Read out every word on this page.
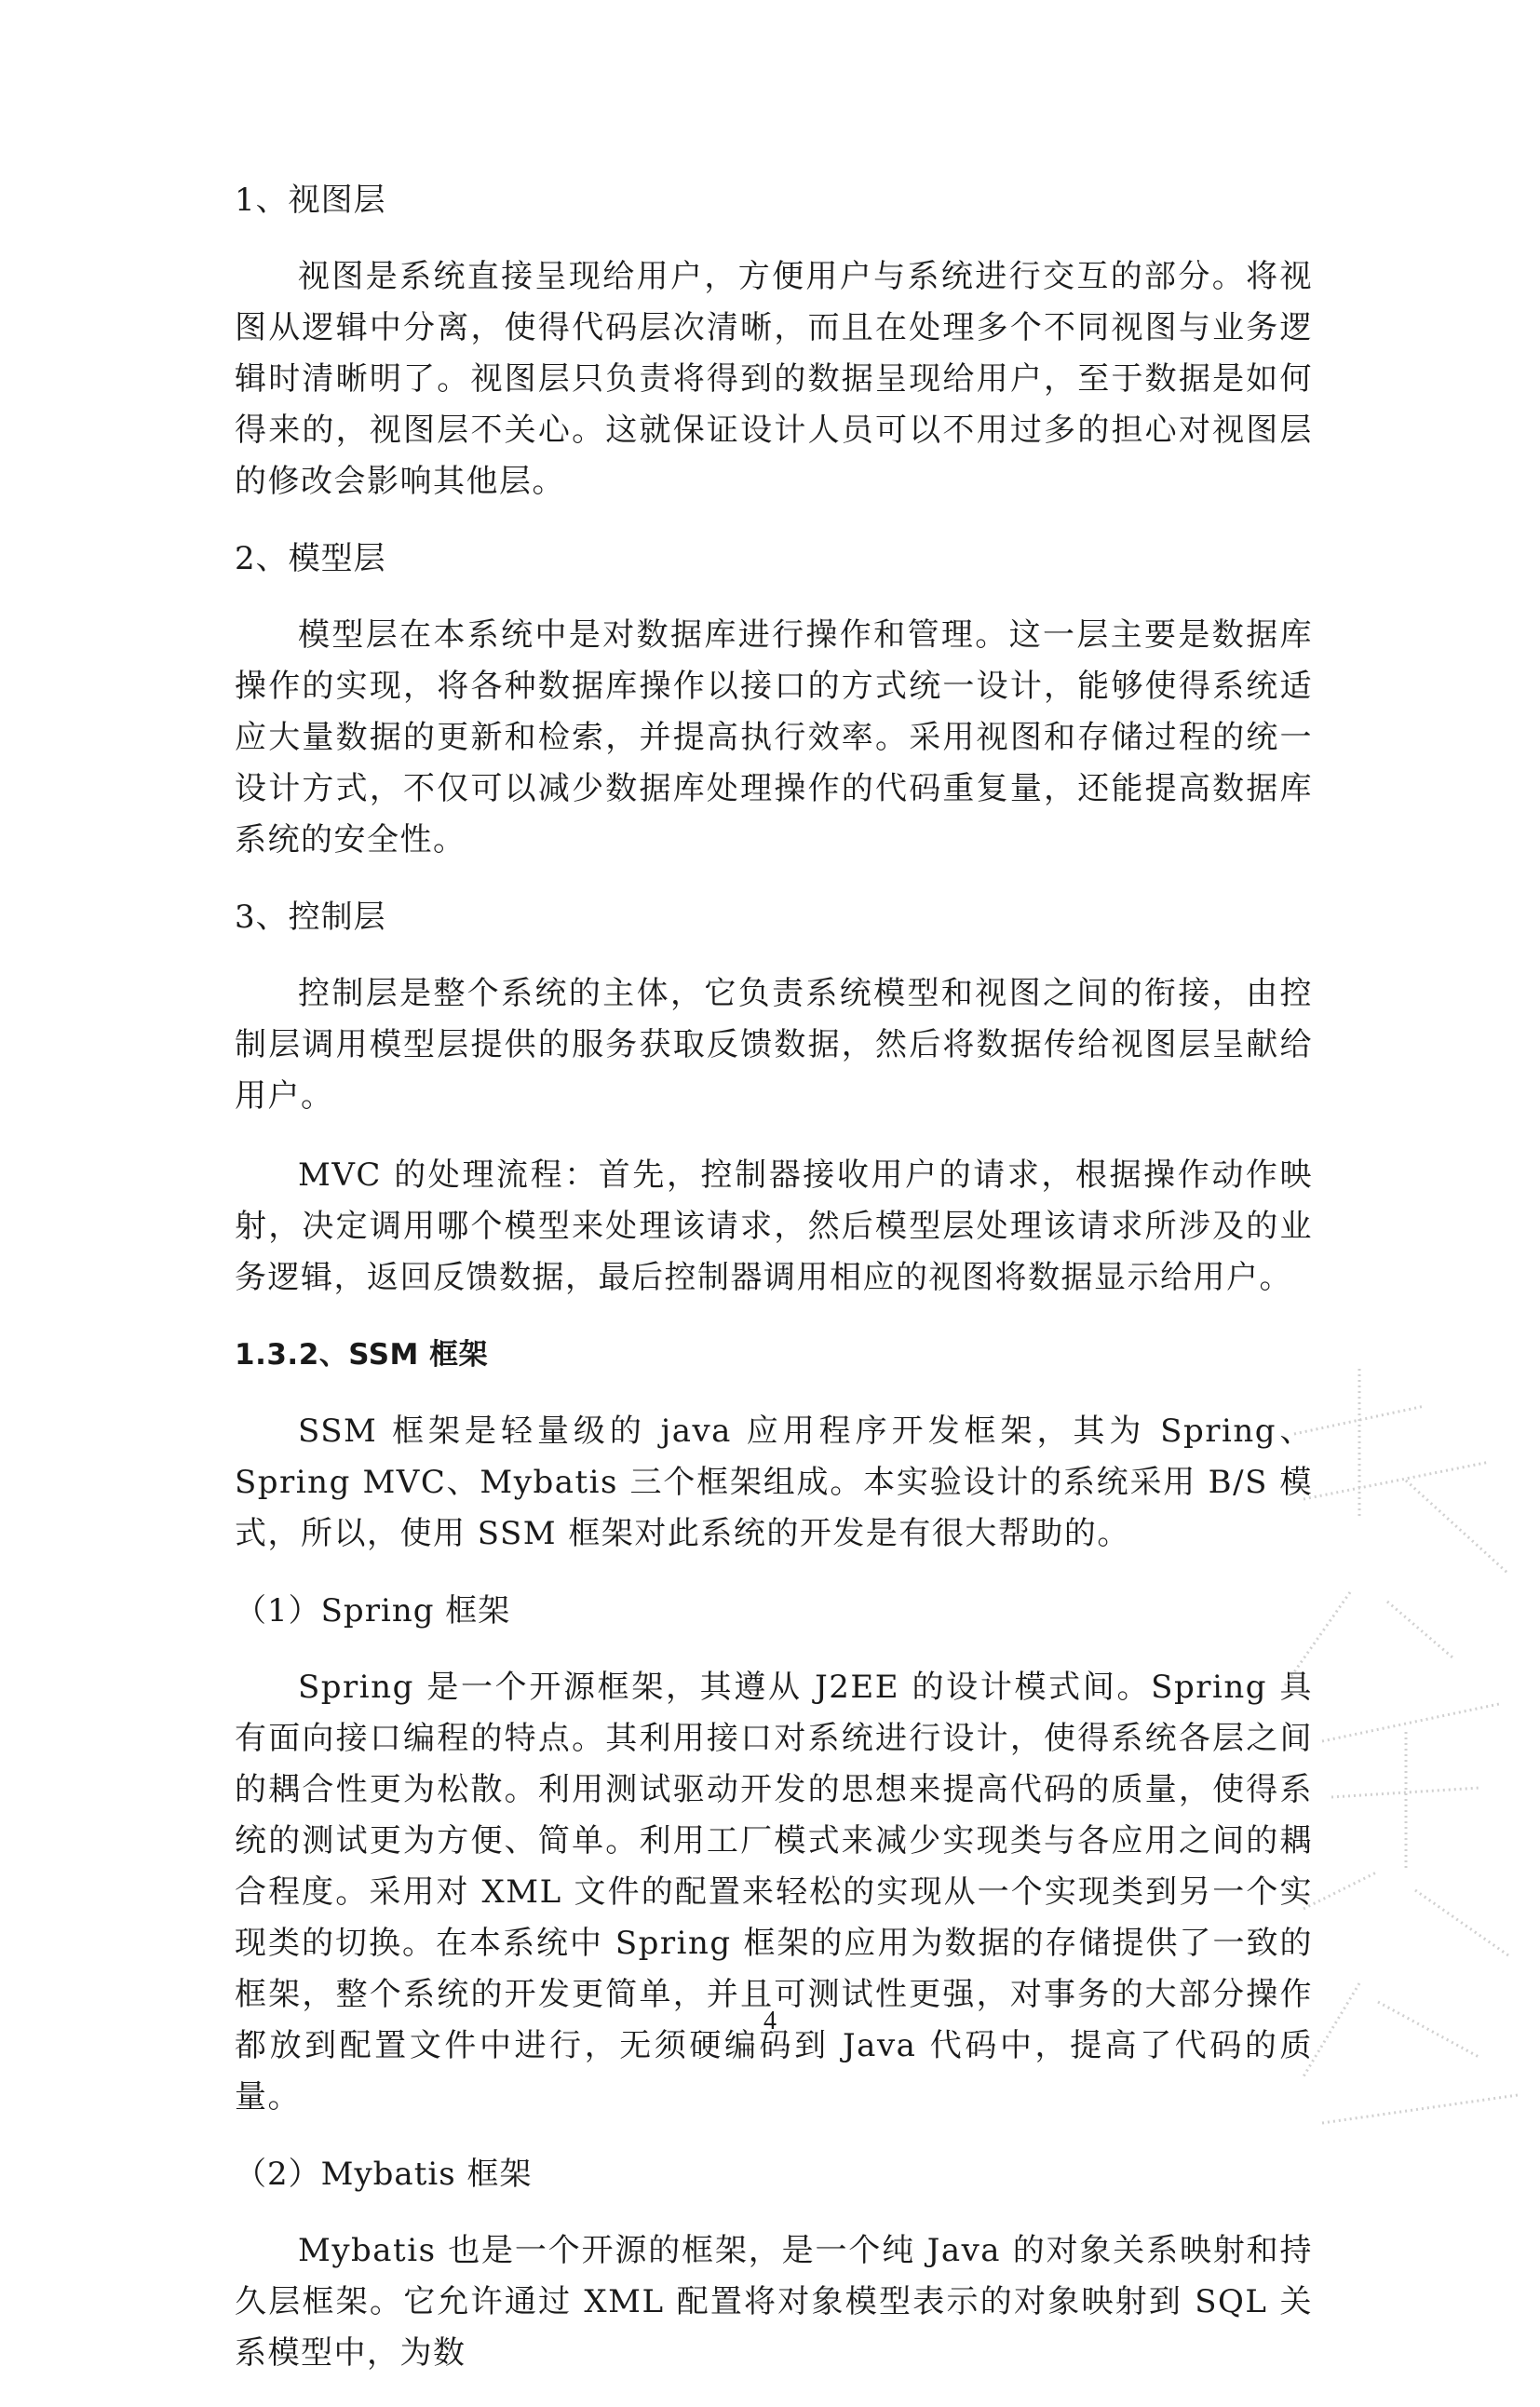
1、视图层

视图是系统直接呈现给用户，方便用户与系统进行交互的部分。将视图从逻辑中分离，使得代码层次清晰，而且在处理多个不同视图与业务逻辑时清晰明了。视图层只负责将得到的数据呈现给用户，至于数据是如何得来的，视图层不关心。这就保证设计人员可以不用过多的担心对视图层的修改会影响其他层。

2、模型层

模型层在本系统中是对数据库进行操作和管理。这一层主要是数据库操作的实现，将各种数据库操作以接口的方式统一设计，能够使得系统适应大量数据的更新和检索，并提高执行效率。采用视图和存储过程的统一设计方式，不仅可以减少数据库处理操作的代码重复量，还能提高数据库系统的安全性。

3、控制层

控制层是整个系统的主体，它负责系统模型和视图之间的衔接，由控制层调用模型层提供的服务获取反馈数据，然后将数据传给视图层呈献给用户。

MVC 的处理流程：首先，控制器接收用户的请求，根据操作动作映射，决定调用哪个模型来处理该请求，然后模型层处理该请求所涉及的业务逻辑，返回反馈数据，最后控制器调用相应的视图将数据显示给用户。

1.3.2、SSM 框架

SSM 框架是轻量级的 java 应用程序开发框架，其为 Spring、Spring MVC、Mybatis 三个框架组成。本实验设计的系统采用 B/S 模式，所以，使用 SSM 框架对此系统的开发是有很大帮助的。

（1）Spring 框架

Spring 是一个开源框架，其遵从 J2EE 的设计模式间。Spring 具有面向接口编程的特点。其利用接口对系统进行设计，使得系统各层之间的耦合性更为松散。利用测试驱动开发的思想来提高代码的质量，使得系统的测试更为方便、简单。利用工厂模式来减少实现类与各应用之间的耦合程度。采用对 XML 文件的配置来轻松的实现从一个实现类到另一个实现类的切换。在本系统中 Spring 框架的应用为数据的存储提供了一致的框架，整个系统的开发更简单，并且可测试性更强，对事务的大部分操作都放到配置文件中进行，无须硬编码到 Java 代码中，提高了代码的质量。

（2）Mybatis 框架

Mybatis 也是一个开源的框架，是一个纯 Java 的对象关系映射和持久层框架。它允许通过 XML 配置将对象模型表示的对象映射到 SQL 关系模型中，为数

4
